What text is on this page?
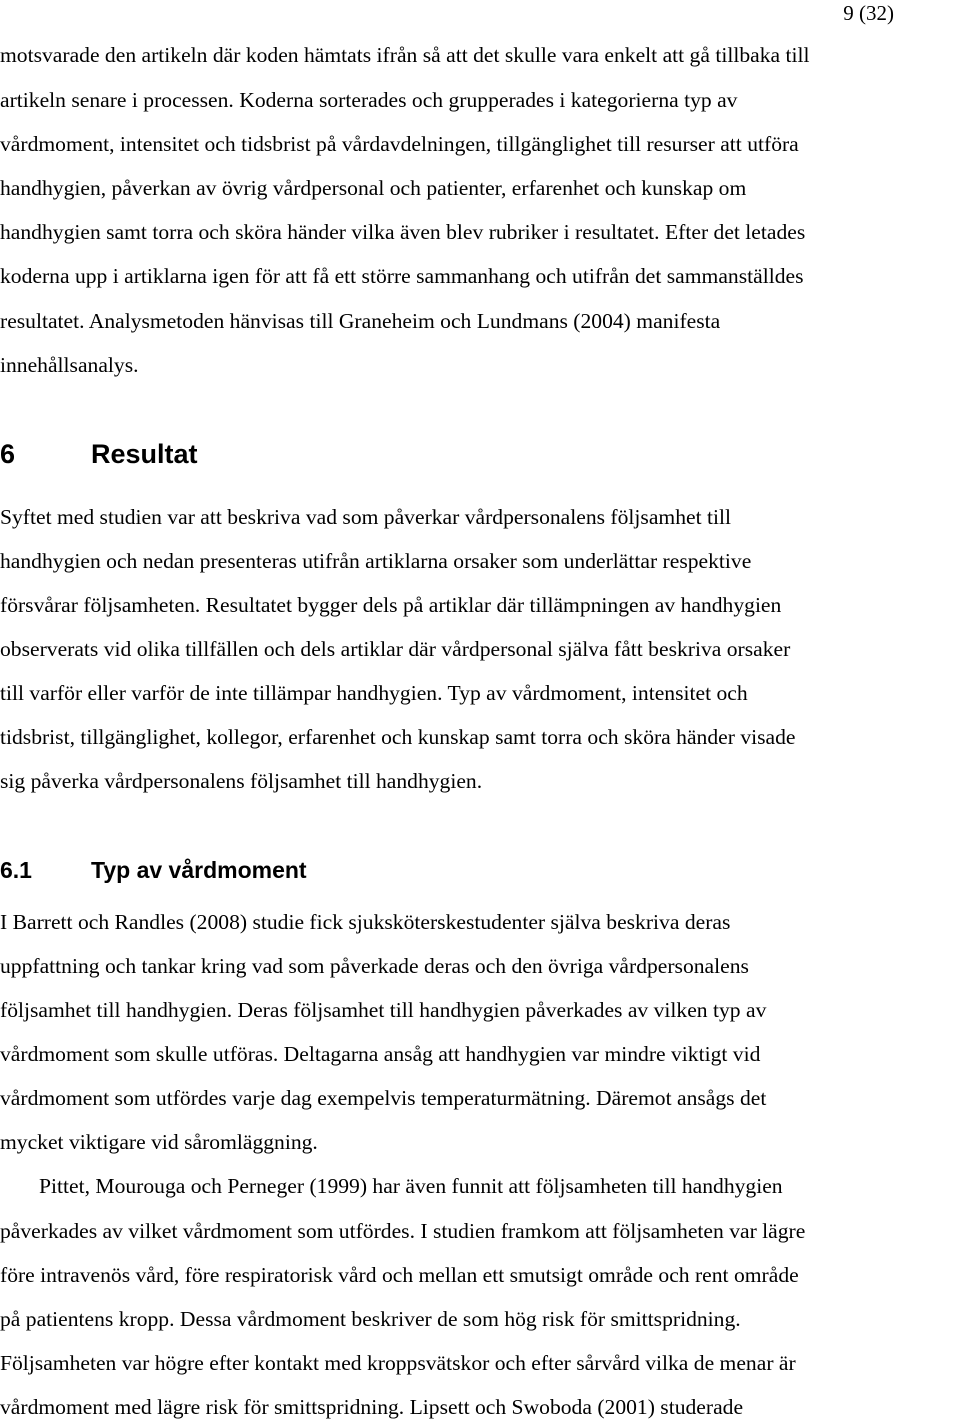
9 (32)
motsvarade den artikeln där koden hämtats ifrån så att det skulle vara enkelt att gå tillbaka till
artikeln senare i processen. Koderna sorterades och grupperades i kategorierna typ av
vårdmoment, intensitet och tidsbrist på vårdavdelningen, tillgänglighet till resurser att utföra
handhygien, påverkan av övrig vårdpersonal och patienter, erfarenhet och kunskap om
handhygien samt torra och sköra händer vilka även blev rubriker i resultatet. Efter det letades
koderna upp i artiklarna igen för att få ett större sammanhang och utifrån det sammanställdes
resultatet. Analysmetoden hänvisas till Graneheim och Lundmans (2004) manifesta
innehållsanalys.
6	Resultat
Syftet med studien var att beskriva vad som påverkar vårdpersonalens följsamhet till
handhygien och nedan presenteras utifrån artiklarna orsaker som underlättar respektive
försvårar följsamheten. Resultatet bygger dels på artiklar där tillämpningen av handhygien
observerats vid olika tillfällen och dels artiklar där vårdpersonal själva fått beskriva orsaker
till varför eller varför de inte tillämpar handhygien. Typ av vårdmoment, intensitet och
tidsbrist, tillgänglighet, kollegor, erfarenhet och kunskap samt torra och sköra händer visade
sig påverka vårdpersonalens följsamhet till handhygien.
6.1	Typ av vårdmoment
I Barrett och Randles (2008) studie fick sjuksköterskestudenter själva beskriva deras
uppfattning och tankar kring vad som påverkade deras och den övriga vårdpersonalens
följsamhet till handhygien. Deras följsamhet till handhygien påverkades av vilken typ av
vårdmoment som skulle utföras. Deltagarna ansåg att handhygien var mindre viktigt vid
vårdmoment som utfördes varje dag exempelvis temperaturmätning. Däremot ansågs det
mycket viktigare vid såromläggning.
Pittet, Mourouga och Perneger (1999) har även funnit att följsamheten till handhygien
påverkades av vilket vårdmoment som utfördes. I studien framkom att följsamheten var lägre
före intravenös vård, före respiratorisk vård och mellan ett smutsigt område och rent område
på patientens kropp. Dessa vårdmoment beskriver de som hög risk för smittspridning.
Följsamheten var högre efter kontakt med kroppsvätskor och efter sårvård vilka de menar är
vårdmoment med lägre risk för smittspridning. Lipsett och Swoboda (2001) studerade
